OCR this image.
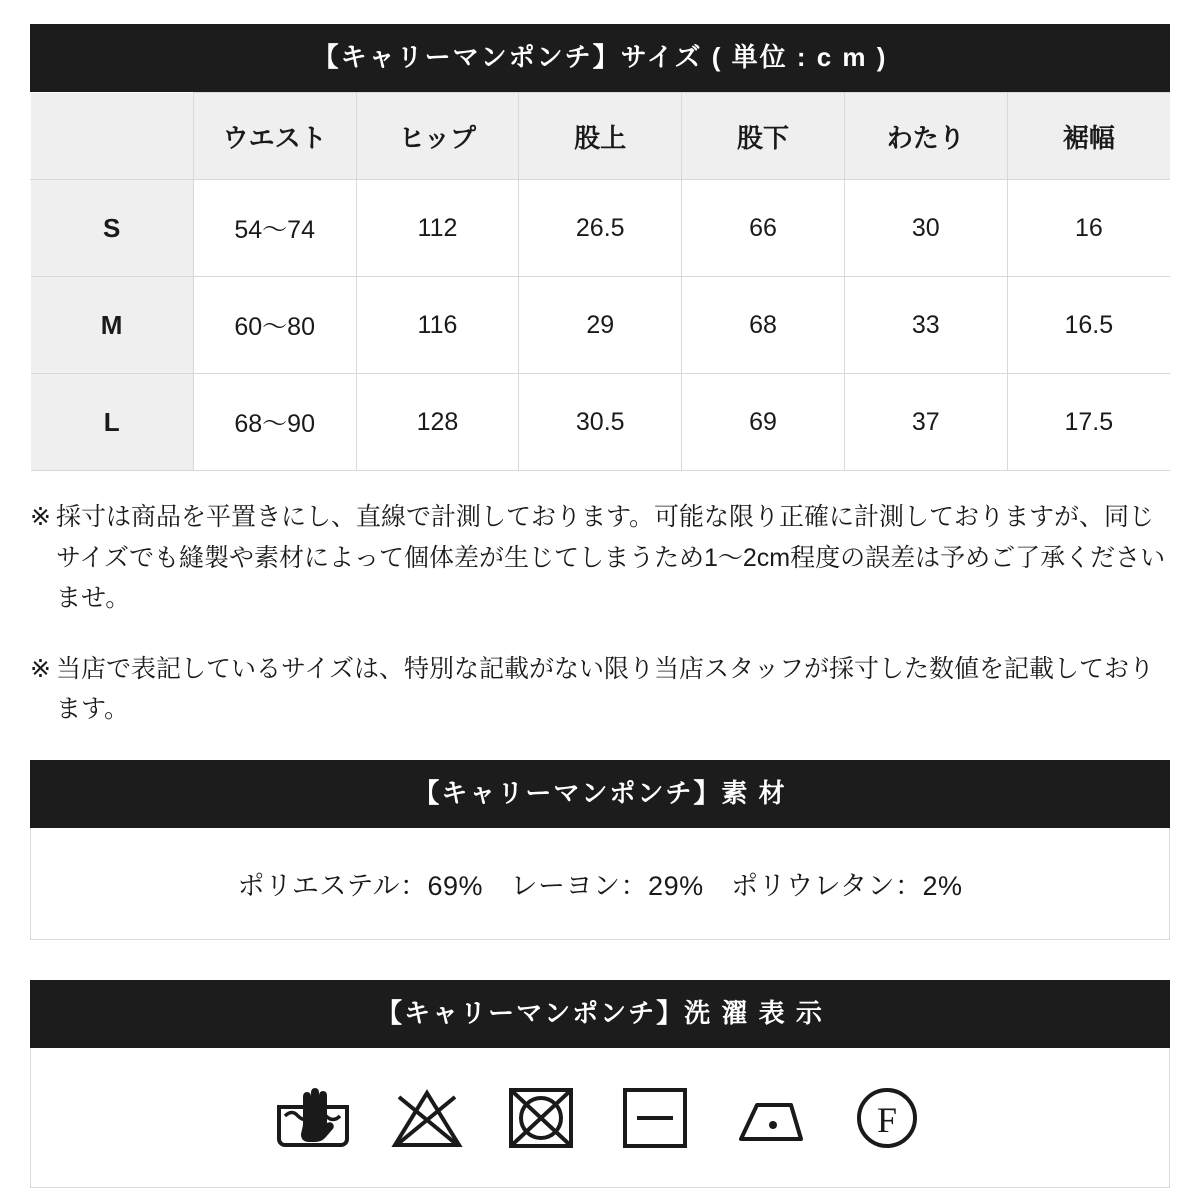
【キャリーマンポンチ】サイズ ( 単位 : c m )
	ウエスト	ヒップ	股上	股下	わたり	裾幅
S	54〜74	112	26.5	66	30	16
M	60〜80	116	29	68	33	16.5
L	68〜90	128	30.5	69	37	17.5
※ 採寸は商品を平置きにし、直線で計測しております。可能な限り正確に計測しておりますが、同じサイズでも縫製や素材によって個体差が生じてしまうため1〜2cm程度の誤差は予めご了承くださいませ。
※ 当店で表記しているサイズは、特別な記載がない限り当店スタッフが採寸した数値を記載しております。
【キャリーマンポンチ】素 材
ポリエステル：69%　レーヨン：29%　ポリウレタン：2%
【キャリーマンポンチ】洗 濯 表 示
F
